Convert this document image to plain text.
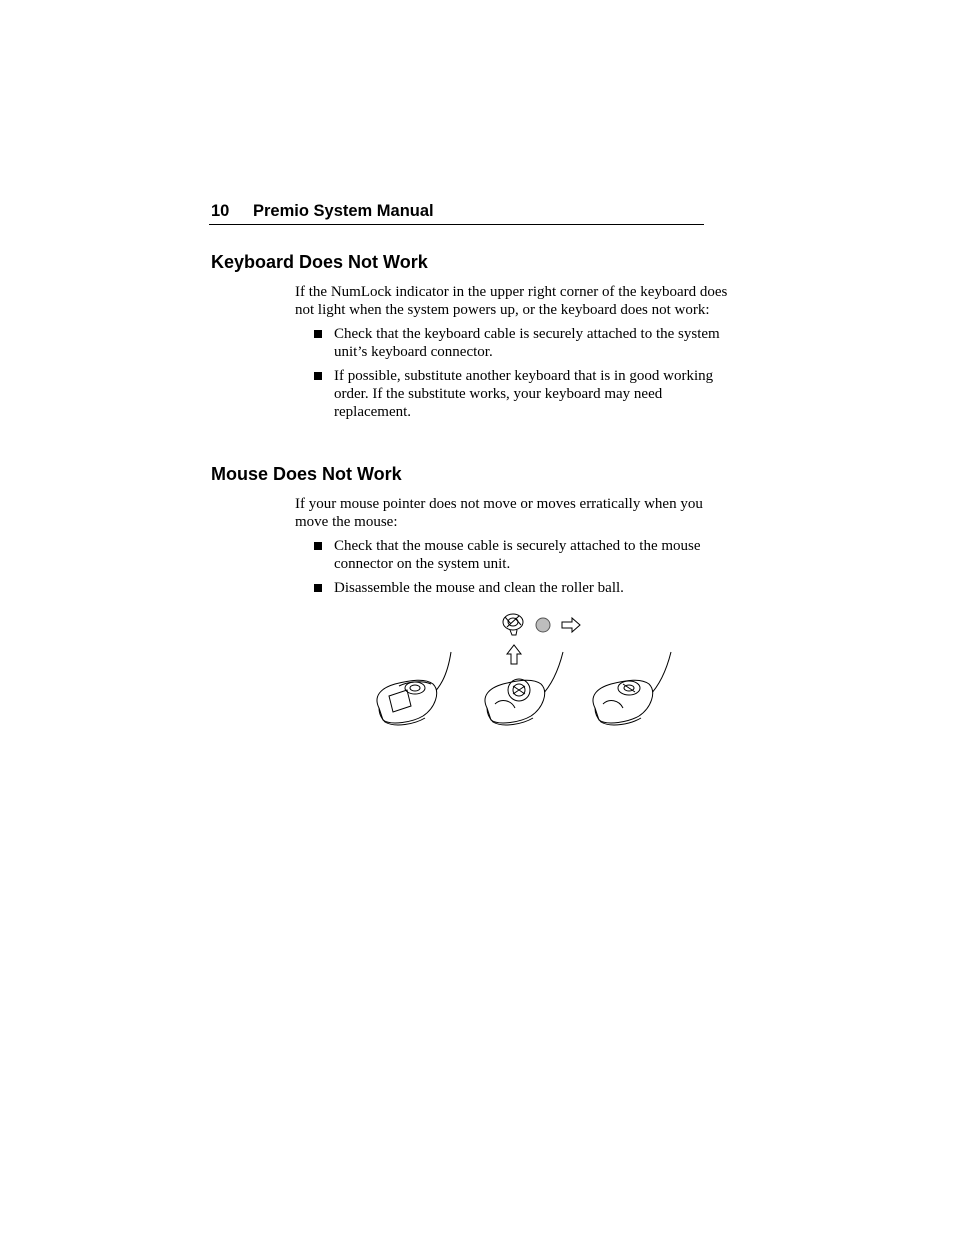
10 Premio System Manual
Keyboard Does Not Work

If the NumLock indicator in the upper right corner of the keyboard does not light when the system powers up, or the keyboard does not work:

Check that the keyboard cable is securely attached to the system unit’s keyboard connector.
If possible, substitute another keyboard that is in good working order. If the substitute works, your keyboard may need replacement.
Mouse Does Not Work

If your mouse pointer does not move or moves erratically when you move the mouse:

Check that the mouse cable is securely attached to the mouse connector on the system unit.
Disassemble the mouse and clean the roller ball.
